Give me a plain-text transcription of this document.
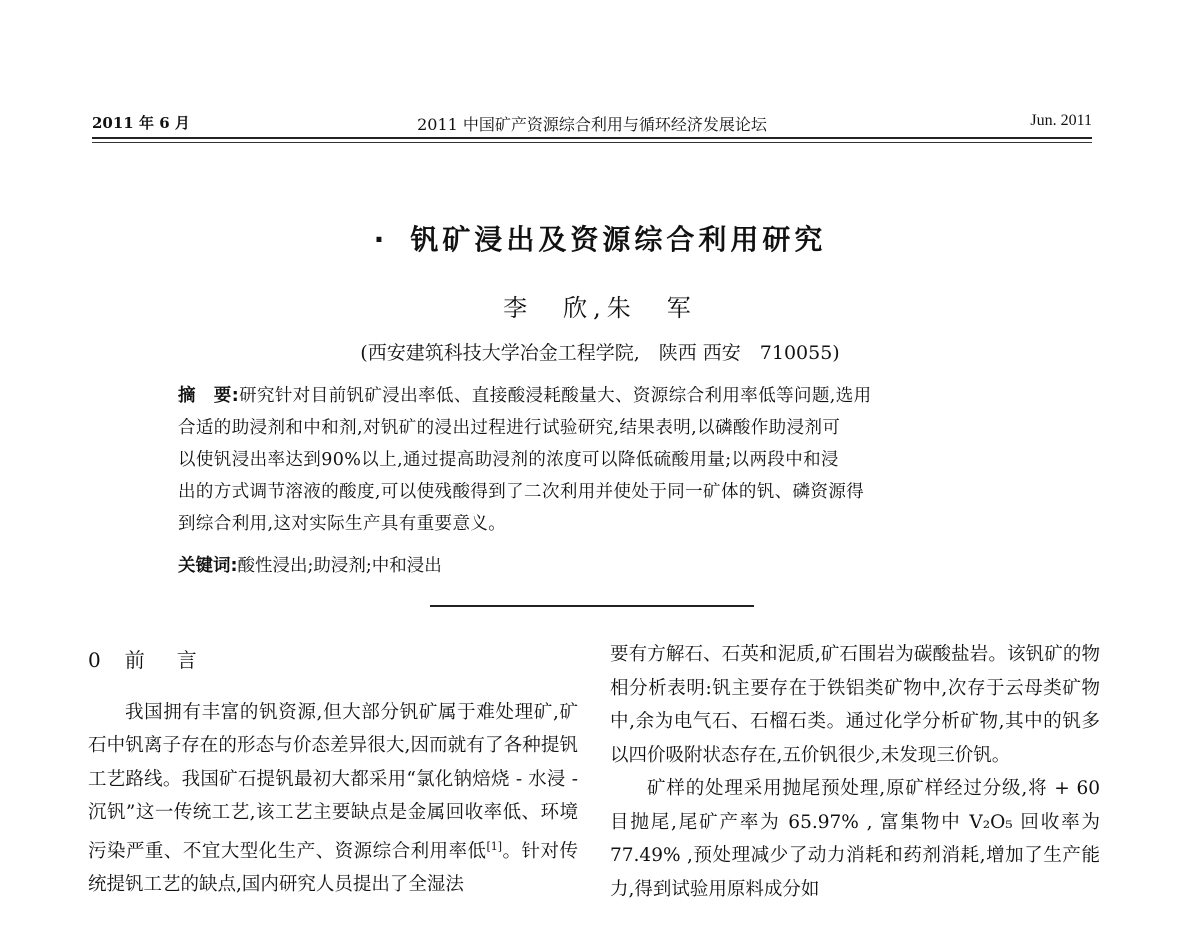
2011 年 6 月	2011 中国矿产资源综合利用与循环经济发展论坛	Jun. 2011
· 钒矿浸出及资源综合利用研究
李　欣,朱　军
(西安建筑科技大学冶金工程学院,　陕西 西安　710055)

摘　要:研究针对目前钒矿浸出率低、直接酸浸耗酸量大、资源综合利用率低等问题,选用

合适的助浸剂和中和剂,对钒矿的浸出过程进行试验研究,结果表明,以磷酸作助浸剂可

以使钒浸出率达到90%以上,通过提高助浸剂的浓度可以降低硫酸用量;以两段中和浸

出的方式调节溶液的酸度,可以使残酸得到了二次利用并使处于同一矿体的钒、磷资源得

到综合利用,这对实际生产具有重要意义。

关键词:酸性浸出;助浸剂;中和浸出
0 前 言

我国拥有丰富的钒资源,但大部分钒矿属于难处理矿,矿石中钒离子存在的形态与价态差异很大,因而就有了各种提钒工艺路线。我国矿石提钒最初大都采用“氯化钠焙烧 - 水浸 - 沉钒”这一传统工艺,该工艺主要缺点是金属回收率低、环境污染严重、不宜大型化生产、资源综合利用率低[1]。针对传统提钒工艺的缺点,国内研究人员提出了全湿法

要有方解石、石英和泥质,矿石围岩为碳酸盐岩。该钒矿的物相分析表明:钒主要存在于铁铝类矿物中,次存于云母类矿物中,余为电气石、石榴石类。通过化学分析矿物,其中的钒多以四价吸附状态存在,五价钒很少,未发现三价钒。

矿样的处理采用抛尾预处理,原矿样经过分级,将 + 60 目抛尾,尾矿产率为 65.97% , 富集物中 V₂O₅ 回收率为 77.49% ,预处理减少了动力消耗和药剂消耗,增加了生产能力,得到试验用原料成分如
